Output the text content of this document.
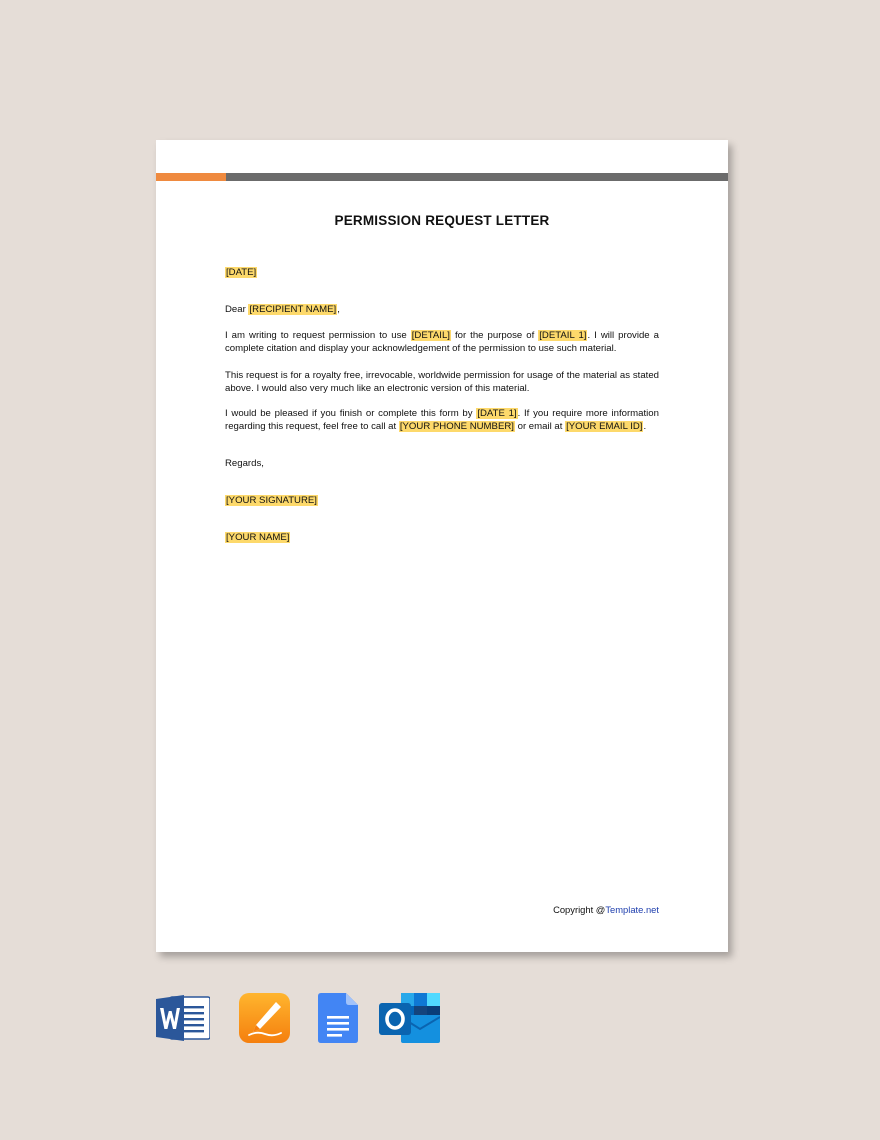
PERMISSION REQUEST LETTER
[DATE]
Dear [RECIPIENT NAME],

I am writing to request permission to use [DETAIL] for the purpose of [DETAIL 1]. I will provide a complete citation and display your acknowledgement of the permission to use such material.

This request is for a royalty free, irrevocable, worldwide permission for usage of the material as stated above. I would also very much like an electronic version of this material.

I would be pleased if you finish or complete this form by [DATE 1]. If you require more information regarding this request, feel free to call at [YOUR PHONE NUMBER] or email at [YOUR EMAIL ID].

Regards,
[YOUR SIGNATURE]
[YOUR NAME]
Copyright @Template.net
